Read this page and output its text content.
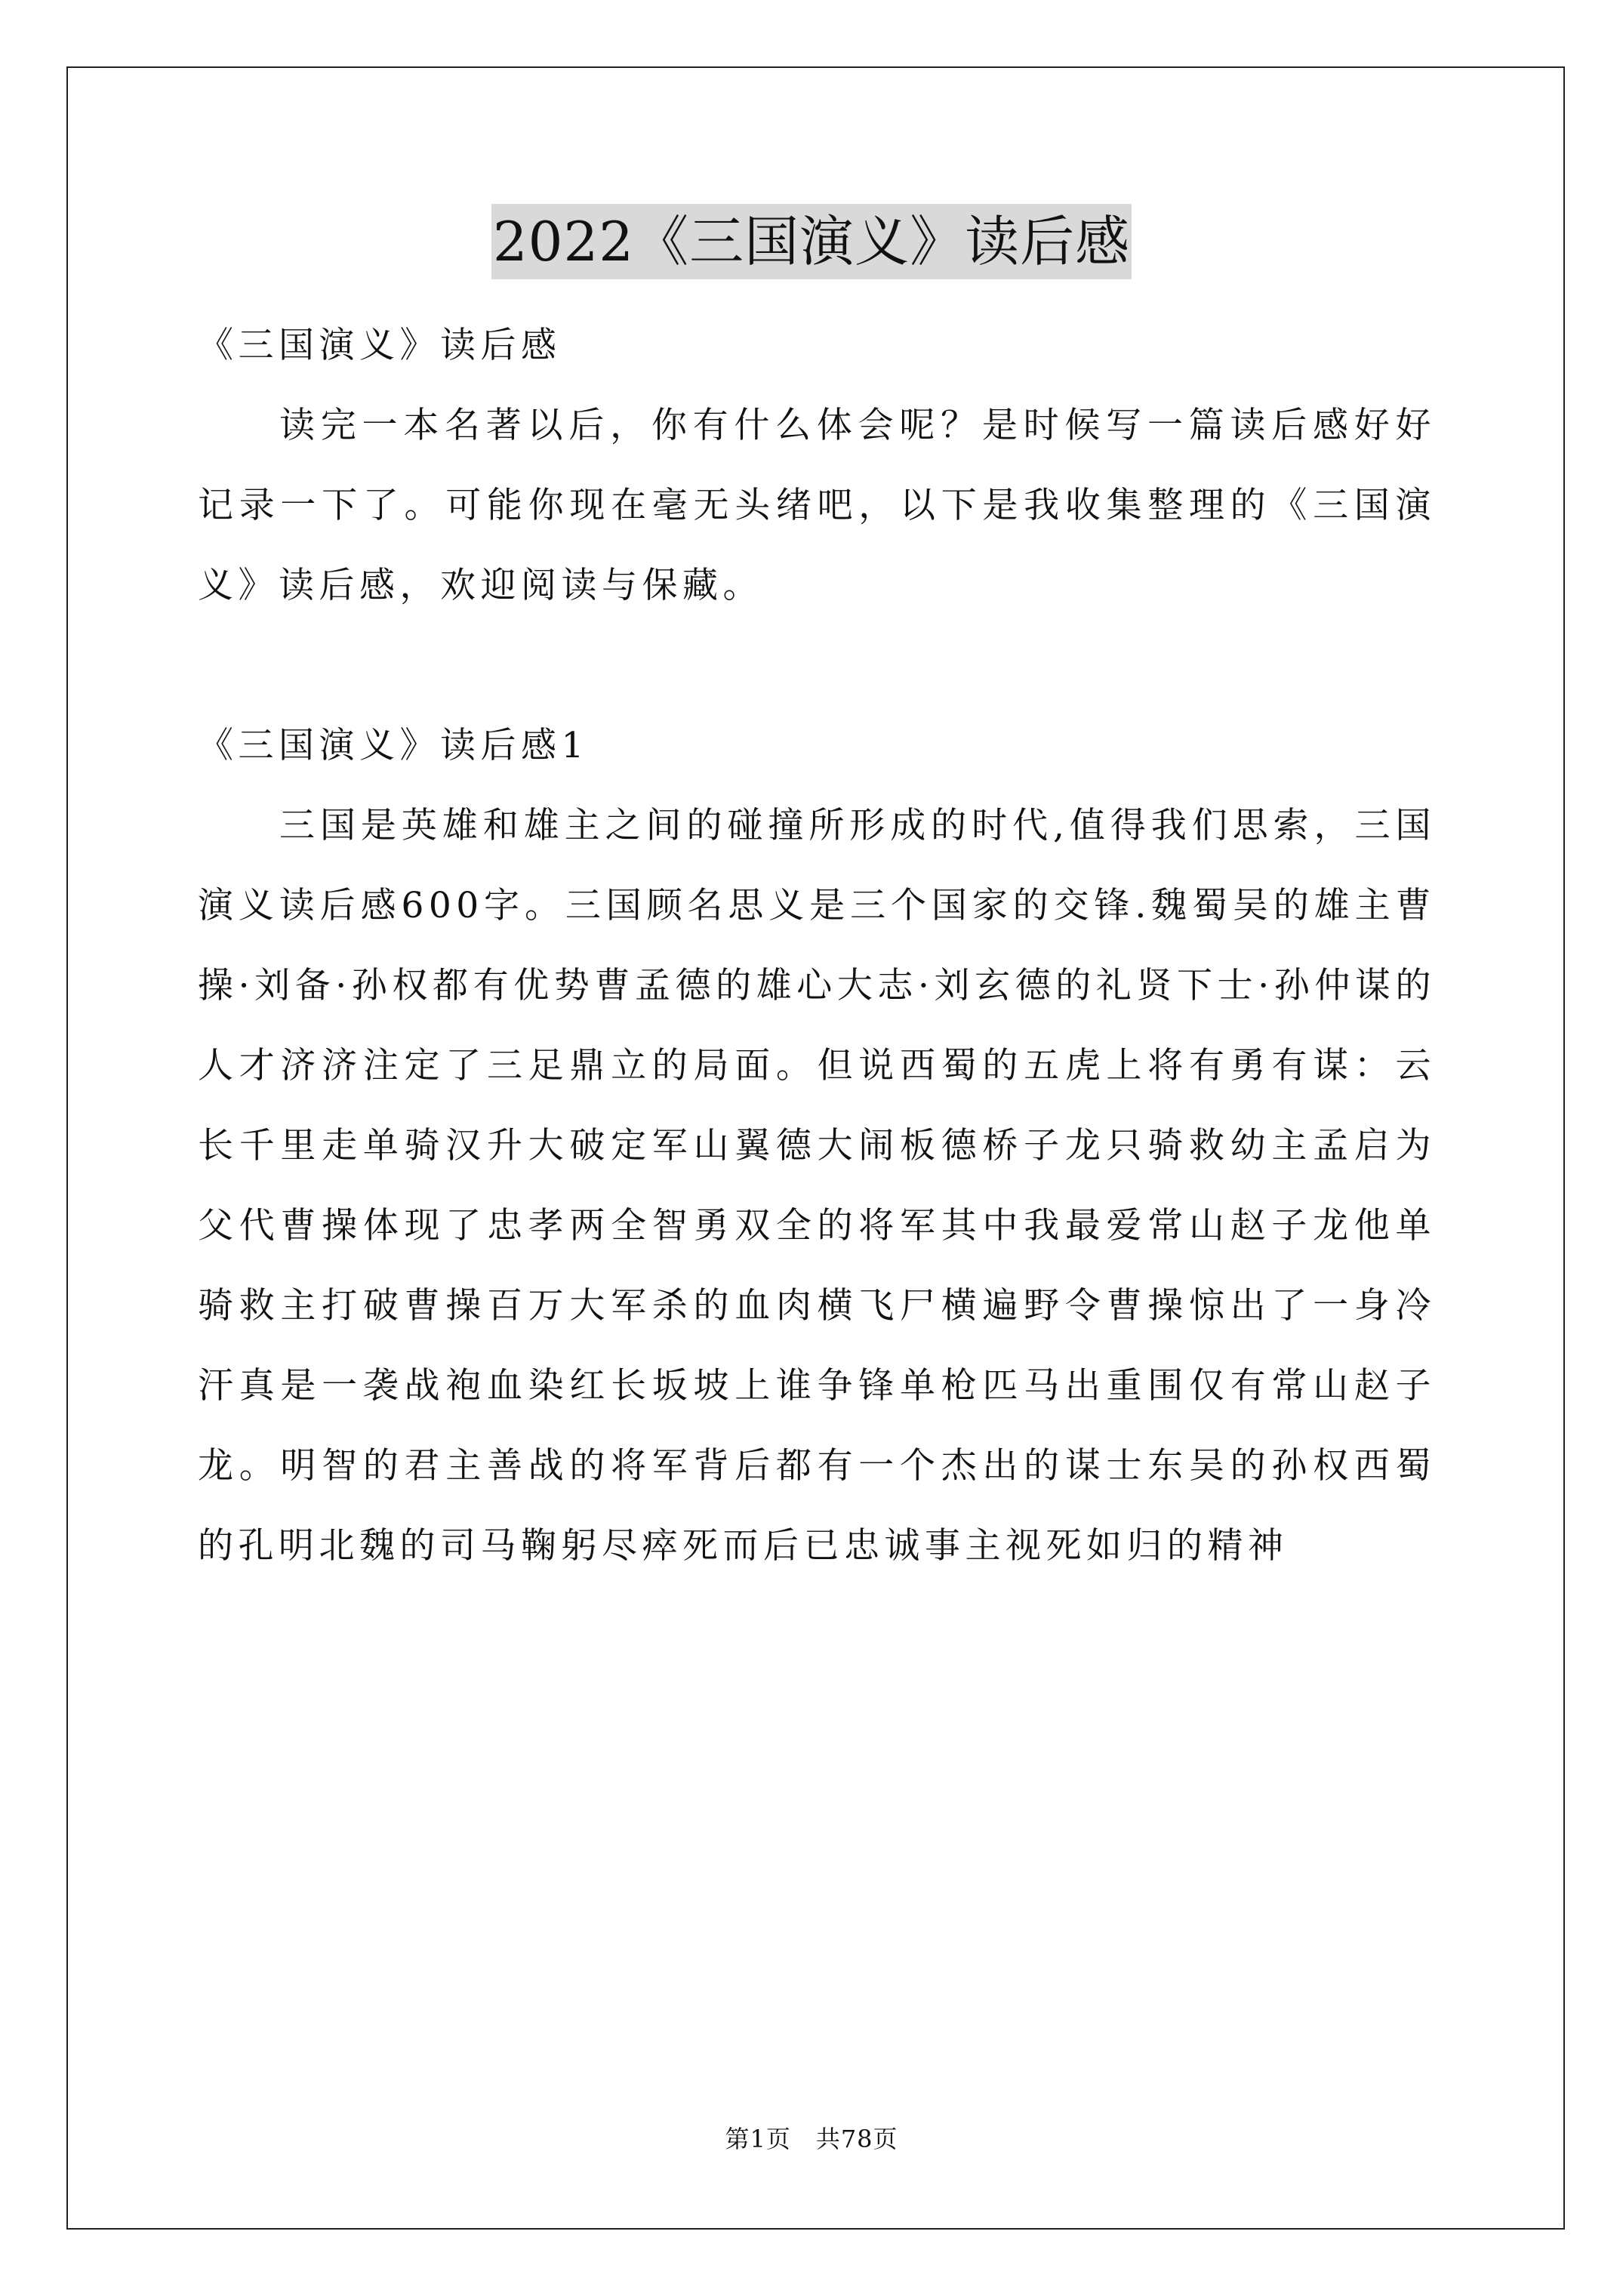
2022《三国演义》读后感

《三国演义》读后感

读完一本名著以后，你有什么体会呢？是时候写一篇读后感好好记录一下了。可能你现在毫无头绪吧，以下是我收集整理的《三国演义》读后感，欢迎阅读与保藏。

《三国演义》读后感1

三国是英雄和雄主之间的碰撞所形成的时代,值得我们思索，三国演义读后感600字。三国顾名思义是三个国家的交锋.魏蜀吴的雄主曹操·刘备·孙权都有优势曹孟德的雄心大志·刘玄德的礼贤下士·孙仲谋的人才济济注定了三足鼎立的局面。但说西蜀的五虎上将有勇有谋：云长千里走单骑汉升大破定军山翼德大闹板德桥子龙只骑救幼主孟启为父代曹操体现了忠孝两全智勇双全的将军其中我最爱常山赵子龙他单骑救主打破曹操百万大军杀的血肉横飞尸横遍野令曹操惊出了一身冷汗真是一袭战袍血染红长坂坡上谁争锋单枪匹马出重围仅有常山赵子龙。明智的君主善战的将军背后都有一个杰出的谋士东吴的孙权西蜀的孔明北魏的司马鞠躬尽瘁死而后已忠诚事主视死如归的精神

第1页　共78页
